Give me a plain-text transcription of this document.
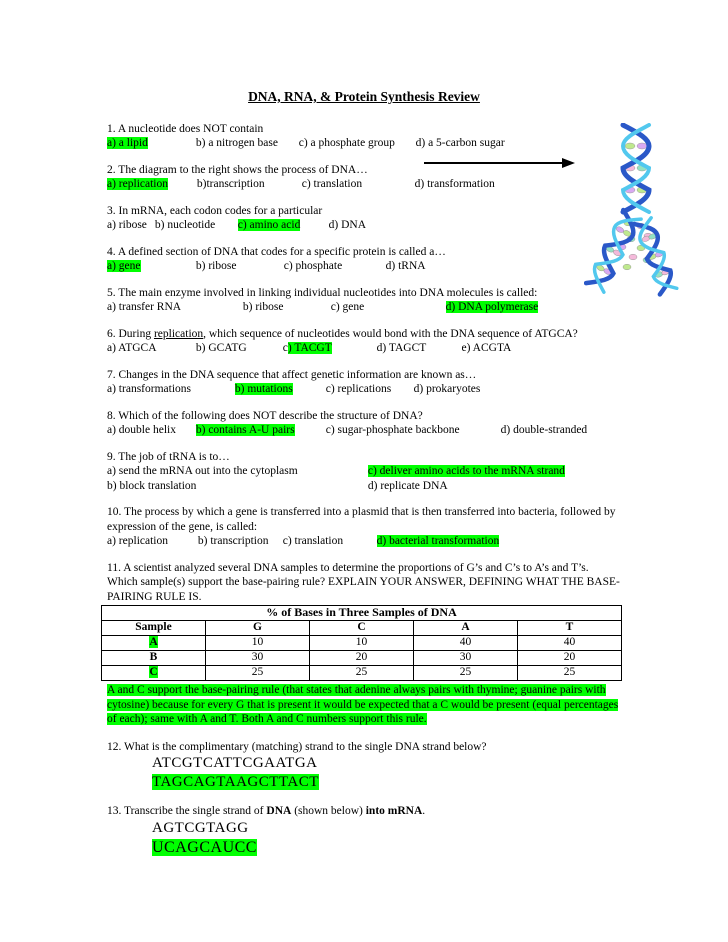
DNA, RNA, & Protein Synthesis Review
1. A nucleotide does NOT contain
a) a lipid	b) a nitrogen base c) a phosphate group d) a 5-carbon sugar
2. The diagram to the right shows the process of DNA…
a) replication	b)transcription	c) translation	d) transformation
3. In mRNA, each codon codes for a particular
a) ribose b) nucleotide c) amino acid d) DNA
4. A defined section of DNA that codes for a specific protein is called a…
a) gene	b) ribose	c) phosphate	d) tRNA
5. The main enzyme involved in linking individual nucleotides into DNA molecules is called:
a) transfer RNA	b) ribose	c) gene	d) DNA polymerase
6. During replication, which sequence of nucleotides would bond with the DNA sequence of ATGCA?
a) ATGCA	b) GCATG	c) TACGT	d) TAGCT	e) ACGTA
7. Changes in the DNA sequence that affect genetic information are known as…
a) transformations	b) mutations	c) replications d) prokaryotes
8. Which of the following does NOT describe the structure of DNA?
a) double helix b) contains A-U pairs	c) sugar-phosphate backbone	d) double-stranded
9. The job of tRNA is to…
a) send the mRNA out into the cytoplasm	c) deliver amino acids to the mRNA strand
b) block translation	d) replicate DNA
10. The process by which a gene is transferred into a plasmid that is then transferred into bacteria, followed by expression of the gene, is called:
a) replication	b) transcription c) translation	d) bacterial transformation
11. A scientist analyzed several DNA samples to determine the proportions of G’s and C’s to A’s and T’s. Which sample(s) support the base-pairing rule? EXPLAIN YOUR ANSWER, DEFINING WHAT THE BASE-PAIRING RULE IS.
% of Bases in Three Samples of DNA				
Sample	G	C	A	T
A	10	10	40	40
B	30	20	30	20
C	25	25	25	25
A and C support the base-pairing rule (that states that adenine always pairs with thymine; guanine pairs with cytosine) because for every G that is present it would be expected that a C would be present (equal percentages of each); same with A and T. Both A and C numbers support this rule.
12. What is the complimentary (matching) strand to the single DNA strand below?
ATCGTCATTCGAATGA
TAGCAGTAAGCTTACT
13. Transcribe the single strand of DNA (shown below) into mRNA.
AGTCGTAGG
UCAGCAUCC
